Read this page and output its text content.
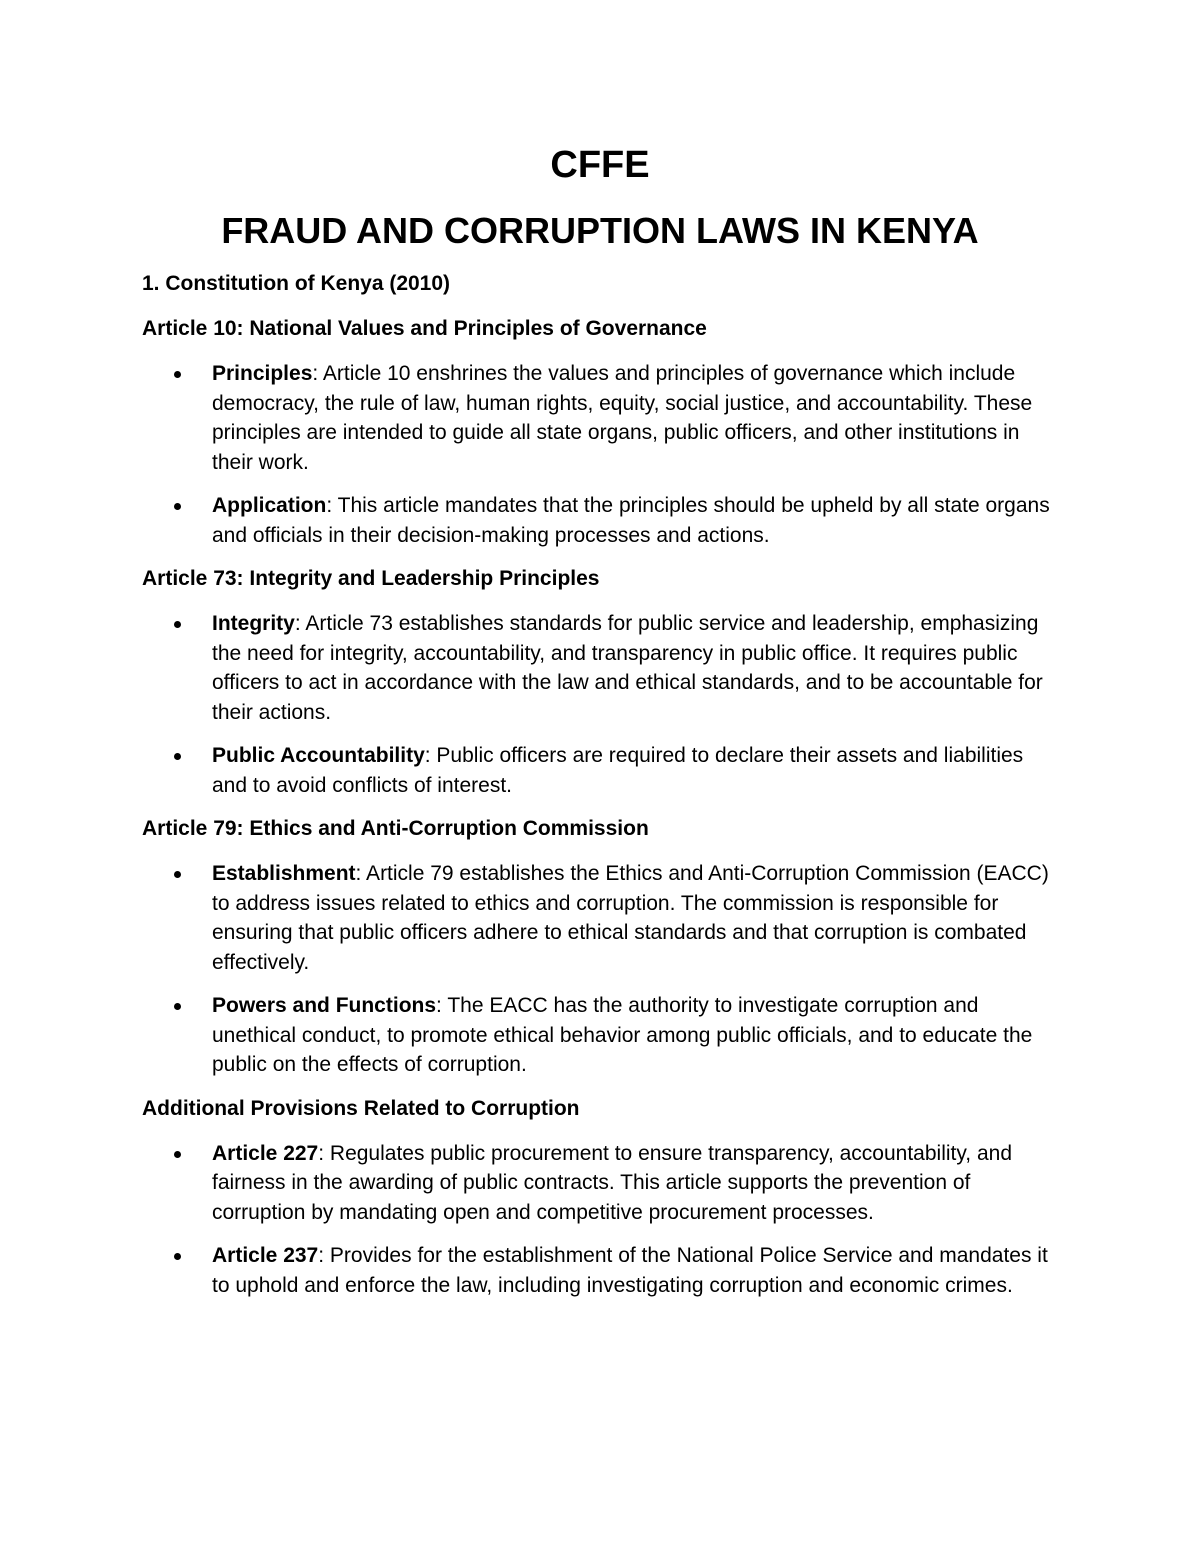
CFFE
FRAUD AND CORRUPTION LAWS IN KENYA

1. Constitution of Kenya (2010)

Article 10: National Values and Principles of Governance

Principles: Article 10 enshrines the values and principles of governance which include democracy, the rule of law, human rights, equity, social justice, and accountability. These principles are intended to guide all state organs, public officers, and other institutions in their work.
Application: This article mandates that the principles should be upheld by all state organs and officials in their decision-making processes and actions.

Article 73: Integrity and Leadership Principles

Integrity: Article 73 establishes standards for public service and leadership, emphasizing the need for integrity, accountability, and transparency in public office. It requires public officers to act in accordance with the law and ethical standards, and to be accountable for their actions.
Public Accountability: Public officers are required to declare their assets and liabilities and to avoid conflicts of interest.

Article 79: Ethics and Anti-Corruption Commission

Establishment: Article 79 establishes the Ethics and Anti-Corruption Commission (EACC) to address issues related to ethics and corruption. The commission is responsible for ensuring that public officers adhere to ethical standards and that corruption is combated effectively.
Powers and Functions: The EACC has the authority to investigate corruption and unethical conduct, to promote ethical behavior among public officials, and to educate the public on the effects of corruption.

Additional Provisions Related to Corruption

Article 227: Regulates public procurement to ensure transparency, accountability, and fairness in the awarding of public contracts. This article supports the prevention of corruption by mandating open and competitive procurement processes.
Article 237: Provides for the establishment of the National Police Service and mandates it to uphold and enforce the law, including investigating corruption and economic crimes.
